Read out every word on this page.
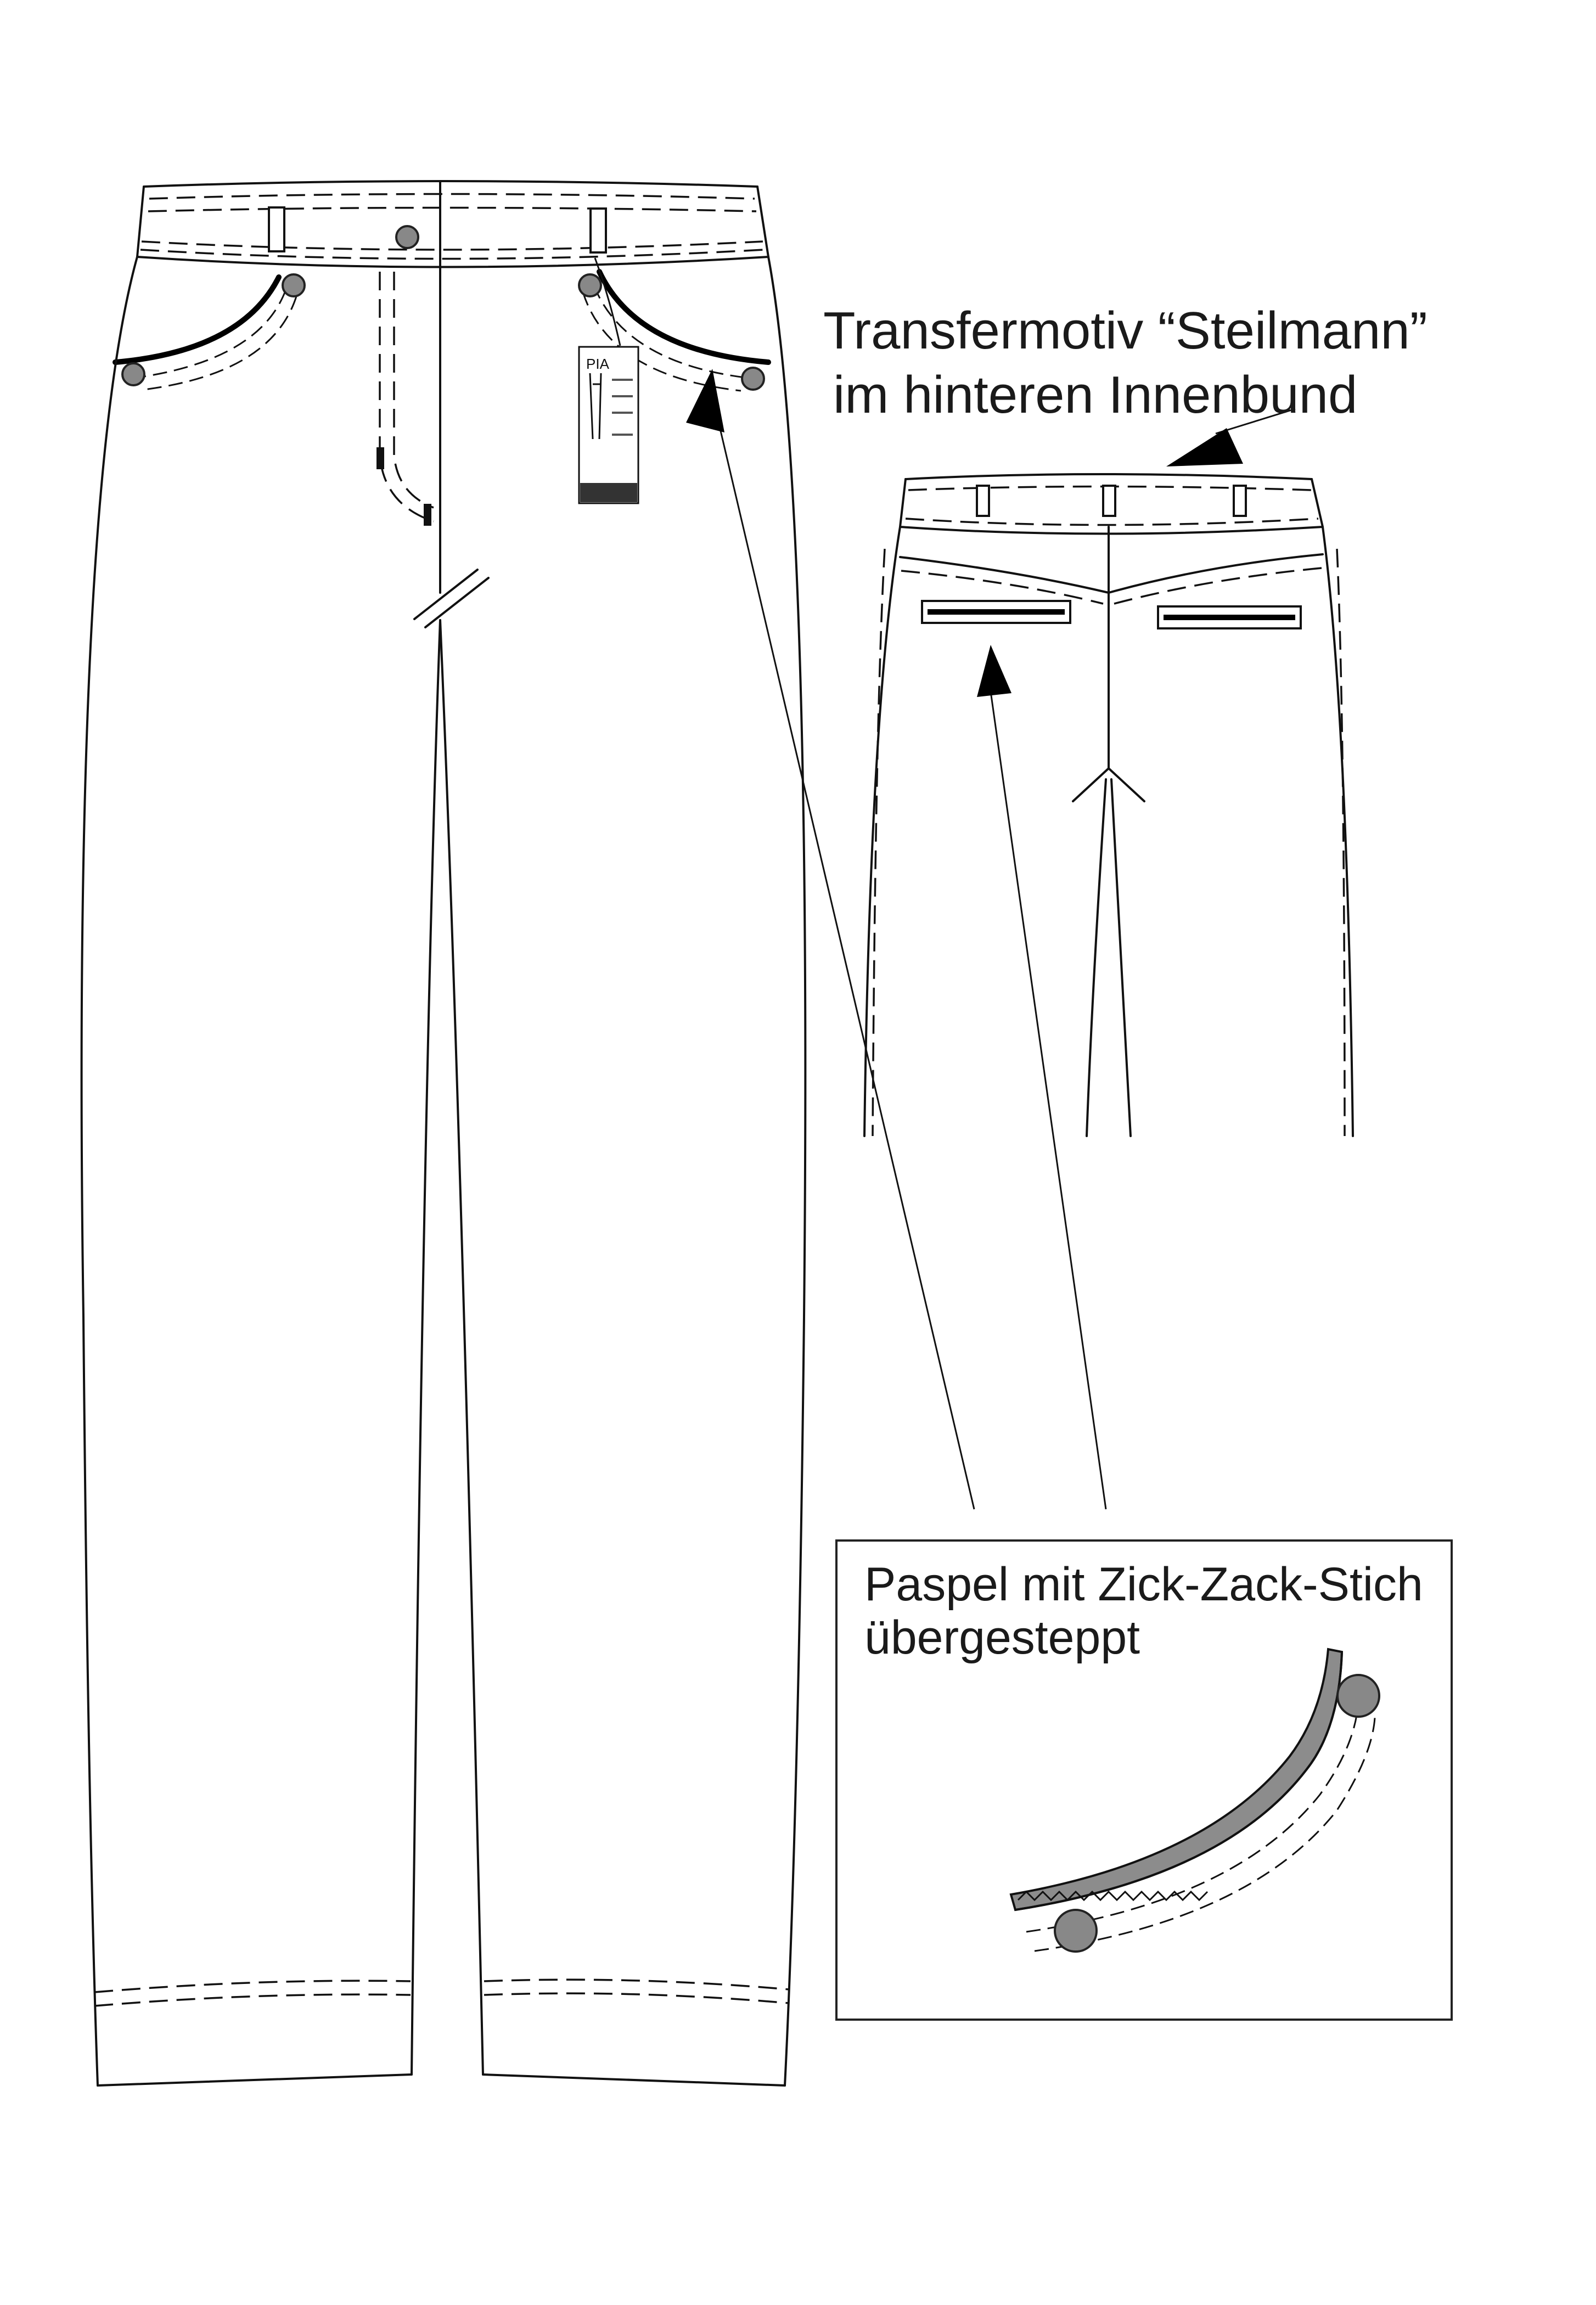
PIA
Transfermotiv “Steilmann”
im hinteren Innenbund
Paspel mit Zick-Zack-Stich
übergesteppt
